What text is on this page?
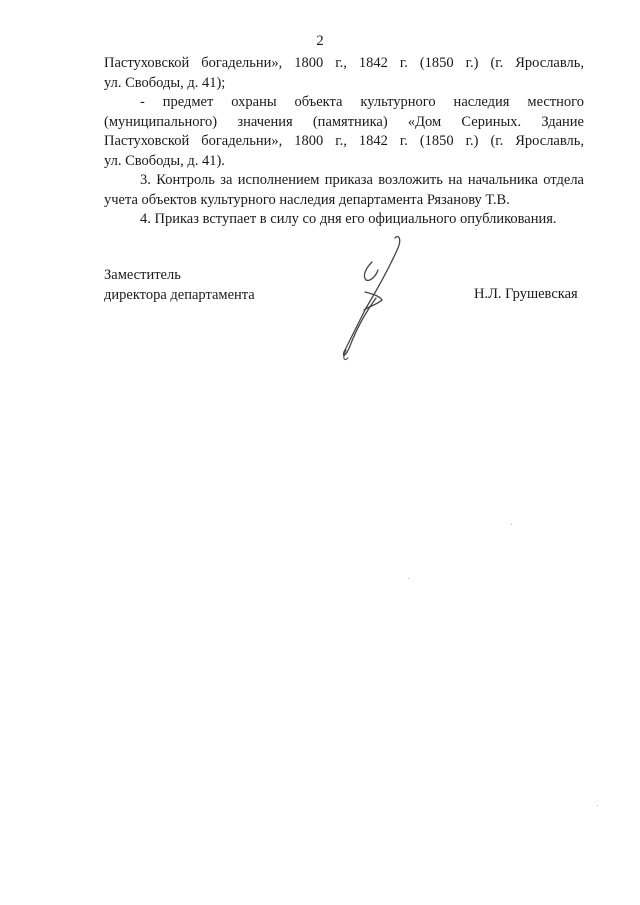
2
Пастуховской богадельни», 1800 г., 1842 г. (1850 г.) (г. Ярославль,
ул. Свободы, д. 41);
- предмет охраны объекта культурного наследия местного
(муниципального) значения (памятника) «Дом Сериных. Здание
Пастуховской богадельни», 1800 г., 1842 г. (1850 г.) (г. Ярославль,
ул. Свободы, д. 41).
3. Контроль за исполнением приказа возложить на начальника отдела
учета объектов культурного наследия департамента Рязанову Т.В.
4. Приказ вступает в силу со дня его официального опубликования.
Заместитель
директора департамента	Н.Л. Грушевская
